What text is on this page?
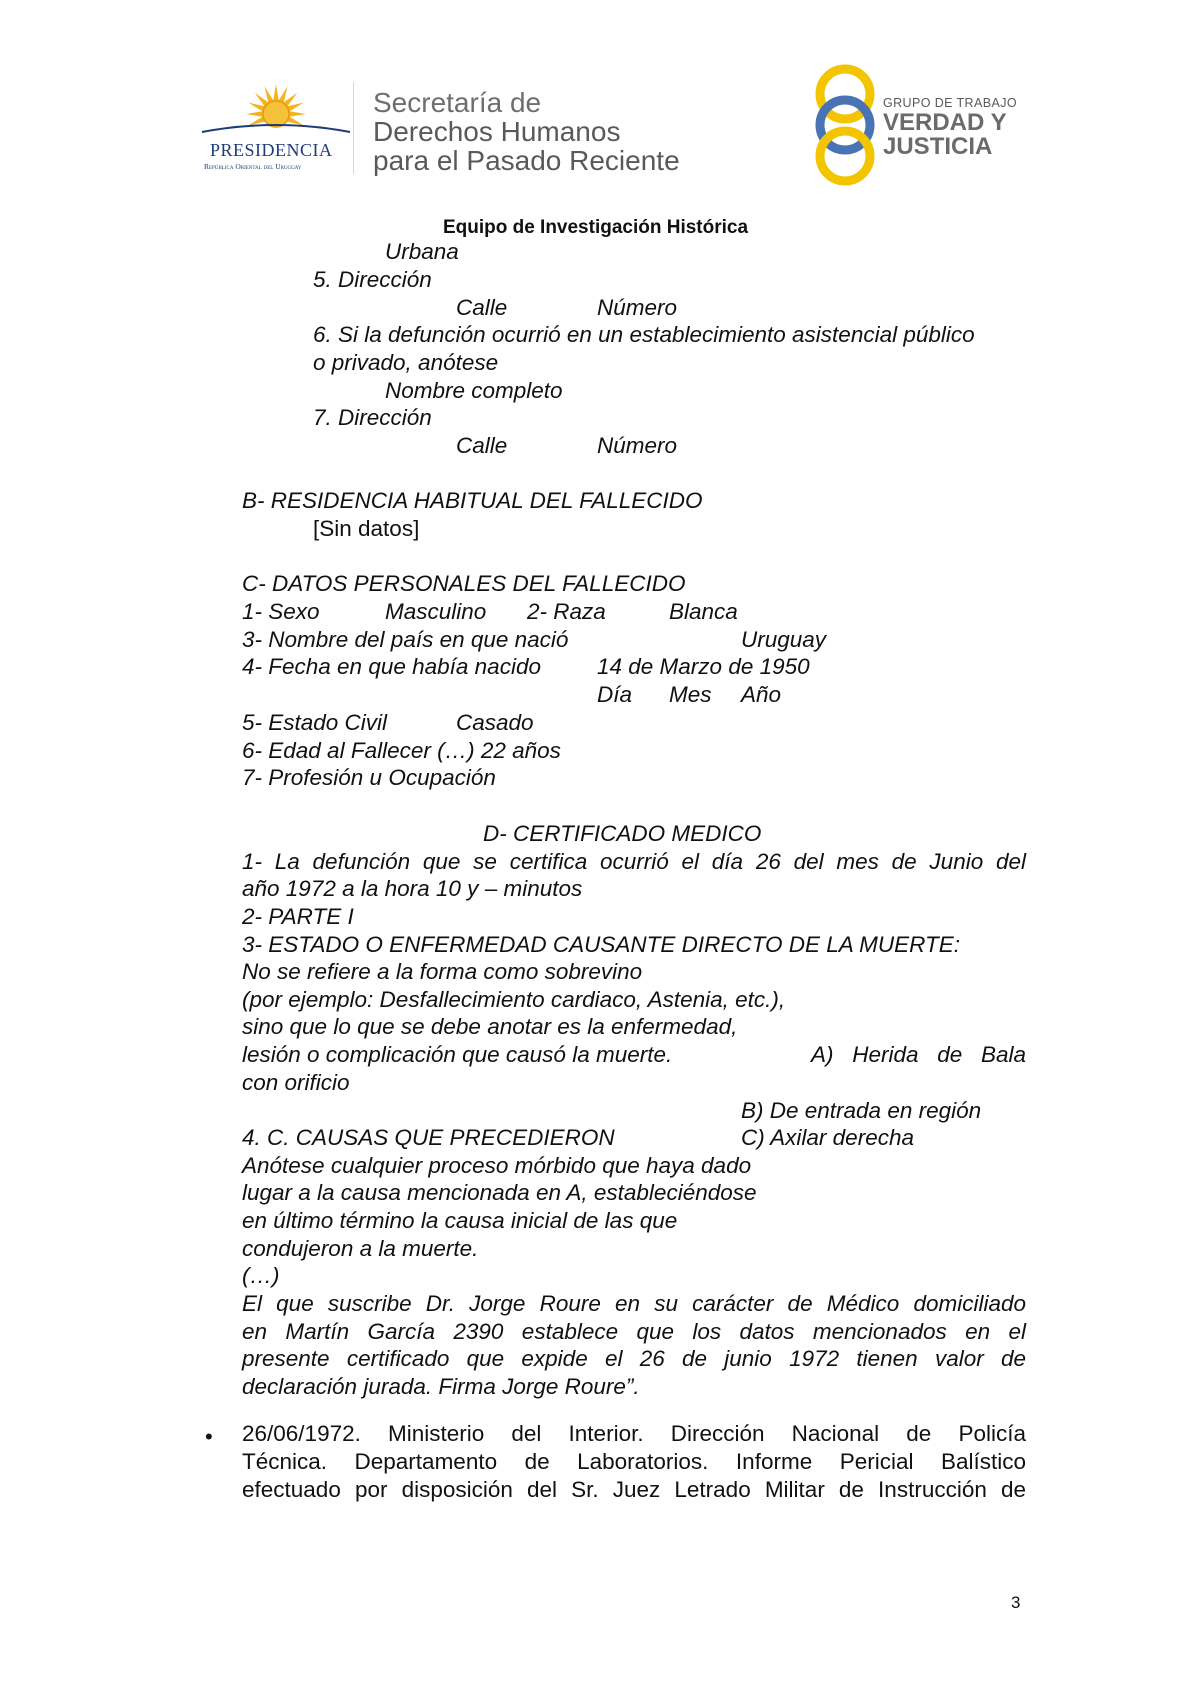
PRESIDENCIA
República Oriental del Uruguay
Secretaría de
Derechos Humanos
para el Pasado Reciente
GRUPO DE TRABAJO
VERDAD Y
JUSTICIA
Equipo de Investigación Histórica
Urbana
5. Dirección
Calle	Número
6. Si la defunción ocurrió en un establecimiento asistencial público
o privado, anótese
Nombre completo
7. Dirección
Calle	Número
B- RESIDENCIA HABITUAL DEL FALLECIDO
[Sin datos]
C- DATOS PERSONALES DEL FALLECIDO
1- Sexo	Masculino 2- Raza	Blanca
3- Nombre del país en que nació	Uruguay
4- Fecha en que había nacido 14 de Marzo de 1950
Día Mes Año
5- Estado Civil	Casado
6- Edad al Fallecer (…) 22 años
7- Profesión u Ocupación
D- CERTIFICADO MEDICO
1- La defunción que se certifica ocurrió el día 26 del mes de Junio del
año 1972 a la hora 10 y – minutos
2- PARTE I
3- ESTADO O ENFERMEDAD CAUSANTE DIRECTO DE LA MUERTE:
No se refiere a la forma como sobrevino
(por ejemplo: Desfallecimiento cardiaco, Astenia, etc.),
sino que lo que se debe anotar es la enfermedad,
lesión o complicación que causó la muerte.	A) Herida de Bala
con orificio
B) De entrada en región
4. C. CAUSAS QUE PRECEDIERON	C) Axilar derecha
Anótese cualquier proceso mórbido que haya dado
lugar a la causa mencionada en A, estableciéndose
en último término la causa inicial de las que
condujeron a la muerte.
(…)
El que suscribe Dr. Jorge Roure en su carácter de Médico domiciliado
en Martín García 2390 establece que los datos mencionados en el
presente certificado que expide el 26 de junio 1972 tienen valor de
declaración jurada. Firma Jorge Roure”.
• 26/06/1972. Ministerio del Interior. Dirección Nacional de Policía
Técnica. Departamento de Laboratorios. Informe Pericial Balístico
efectuado por disposición del Sr. Juez Letrado Militar de Instrucción de
3
